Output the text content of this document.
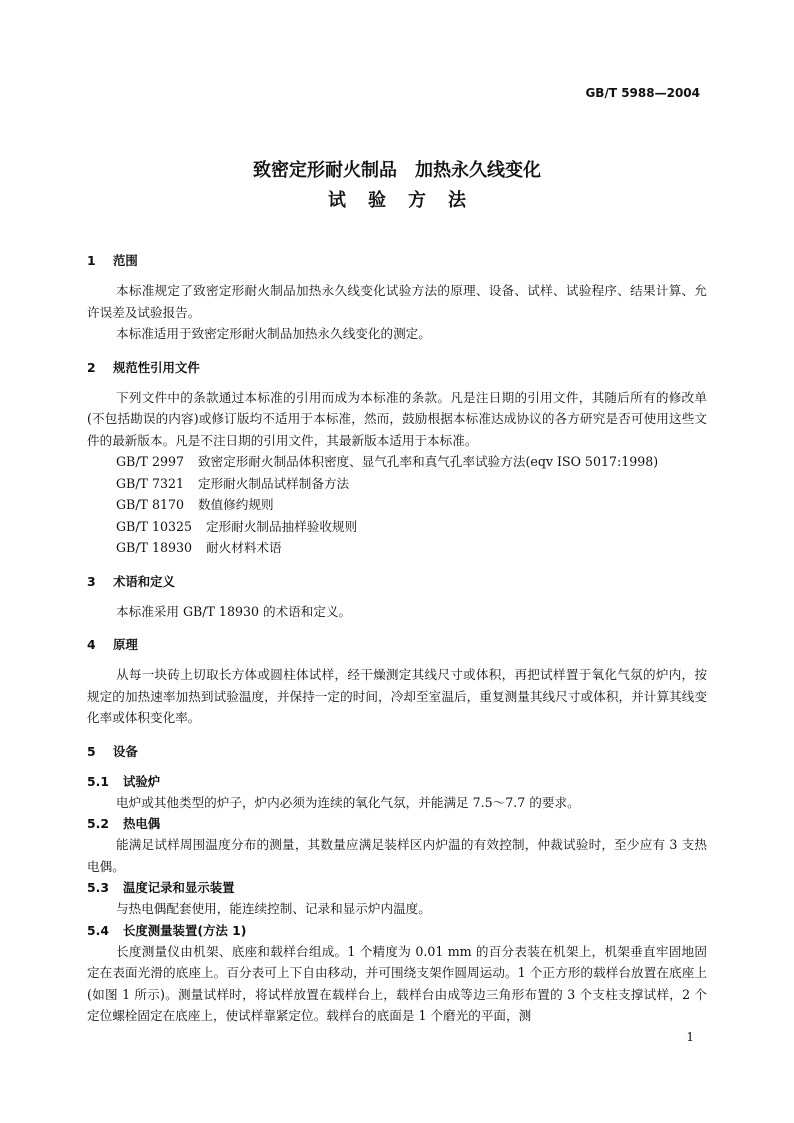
GB/T 5988—2004
致密定形耐火制品　加热永久线变化
试验方法
1 范围
本标准规定了致密定形耐火制品加热永久线变化试验方法的原理、设备、试样、试验程序、结果计算、允许误差及试验报告。
本标准适用于致密定形耐火制品加热永久线变化的测定。
2 规范性引用文件
下列文件中的条款通过本标准的引用而成为本标准的条款。凡是注日期的引用文件，其随后所有的修改单(不包括勘误的内容)或修订版均不适用于本标准，然而，鼓励根据本标准达成协议的各方研究是否可使用这些文件的最新版本。凡是不注日期的引用文件，其最新版本适用于本标准。
GB/T 2997 致密定形耐火制品体积密度、显气孔率和真气孔率试验方法(eqv ISO 5017:1998)
GB/T 7321 定形耐火制品试样制备方法
GB/T 8170 数值修约规则
GB/T 10325 定形耐火制品抽样验收规则
GB/T 18930 耐火材料术语
3 术语和定义
本标准采用 GB/T 18930 的术语和定义。
4 原理
从每一块砖上切取长方体或圆柱体试样，经干燥测定其线尺寸或体积，再把试样置于氧化气氛的炉内，按规定的加热速率加热到试验温度，并保持一定的时间，冷却至室温后，重复测量其线尺寸或体积，并计算其线变化率或体积变化率。
5 设备
5.1 试验炉
电炉或其他类型的炉子，炉内必须为连续的氧化气氛，并能满足 7.5～7.7 的要求。
5.2 热电偶
能满足试样周围温度分布的测量，其数量应满足装样区内炉温的有效控制，仲裁试验时，至少应有 3 支热电偶。
5.3 温度记录和显示装置
与热电偶配套使用，能连续控制、记录和显示炉内温度。
5.4 长度测量装置(方法 1)
长度测量仪由机架、底座和载样台组成。1 个精度为 0.01 mm 的百分表装在机架上，机架垂直牢固地固定在表面光滑的底座上。百分表可上下自由移动，并可围绕支架作圆周运动。1 个正方形的载样台放置在底座上(如图 1 所示)。测量试样时，将试样放置在载样台上，载样台由成等边三角形布置的 3 个支柱支撑试样，2 个定位螺栓固定在底座上，使试样靠紧定位。载样台的底面是 1 个磨光的平面，测
1
